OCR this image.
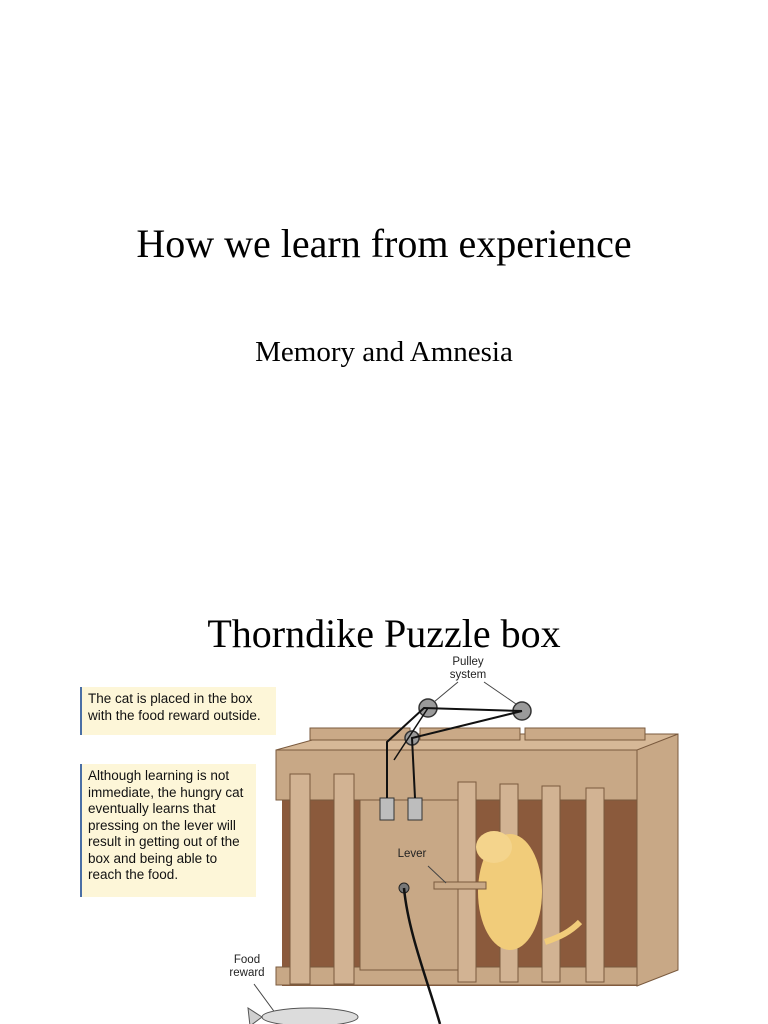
How we learn from experience
Memory and Amnesia
Thorndike Puzzle box
The cat is placed in the box with the food reward outside.
Although learning is not immediate, the hungry cat eventually learns that pressing on the lever will result in getting out of the box and being able to reach the food.
Pulley
system
Lever
Food
reward
